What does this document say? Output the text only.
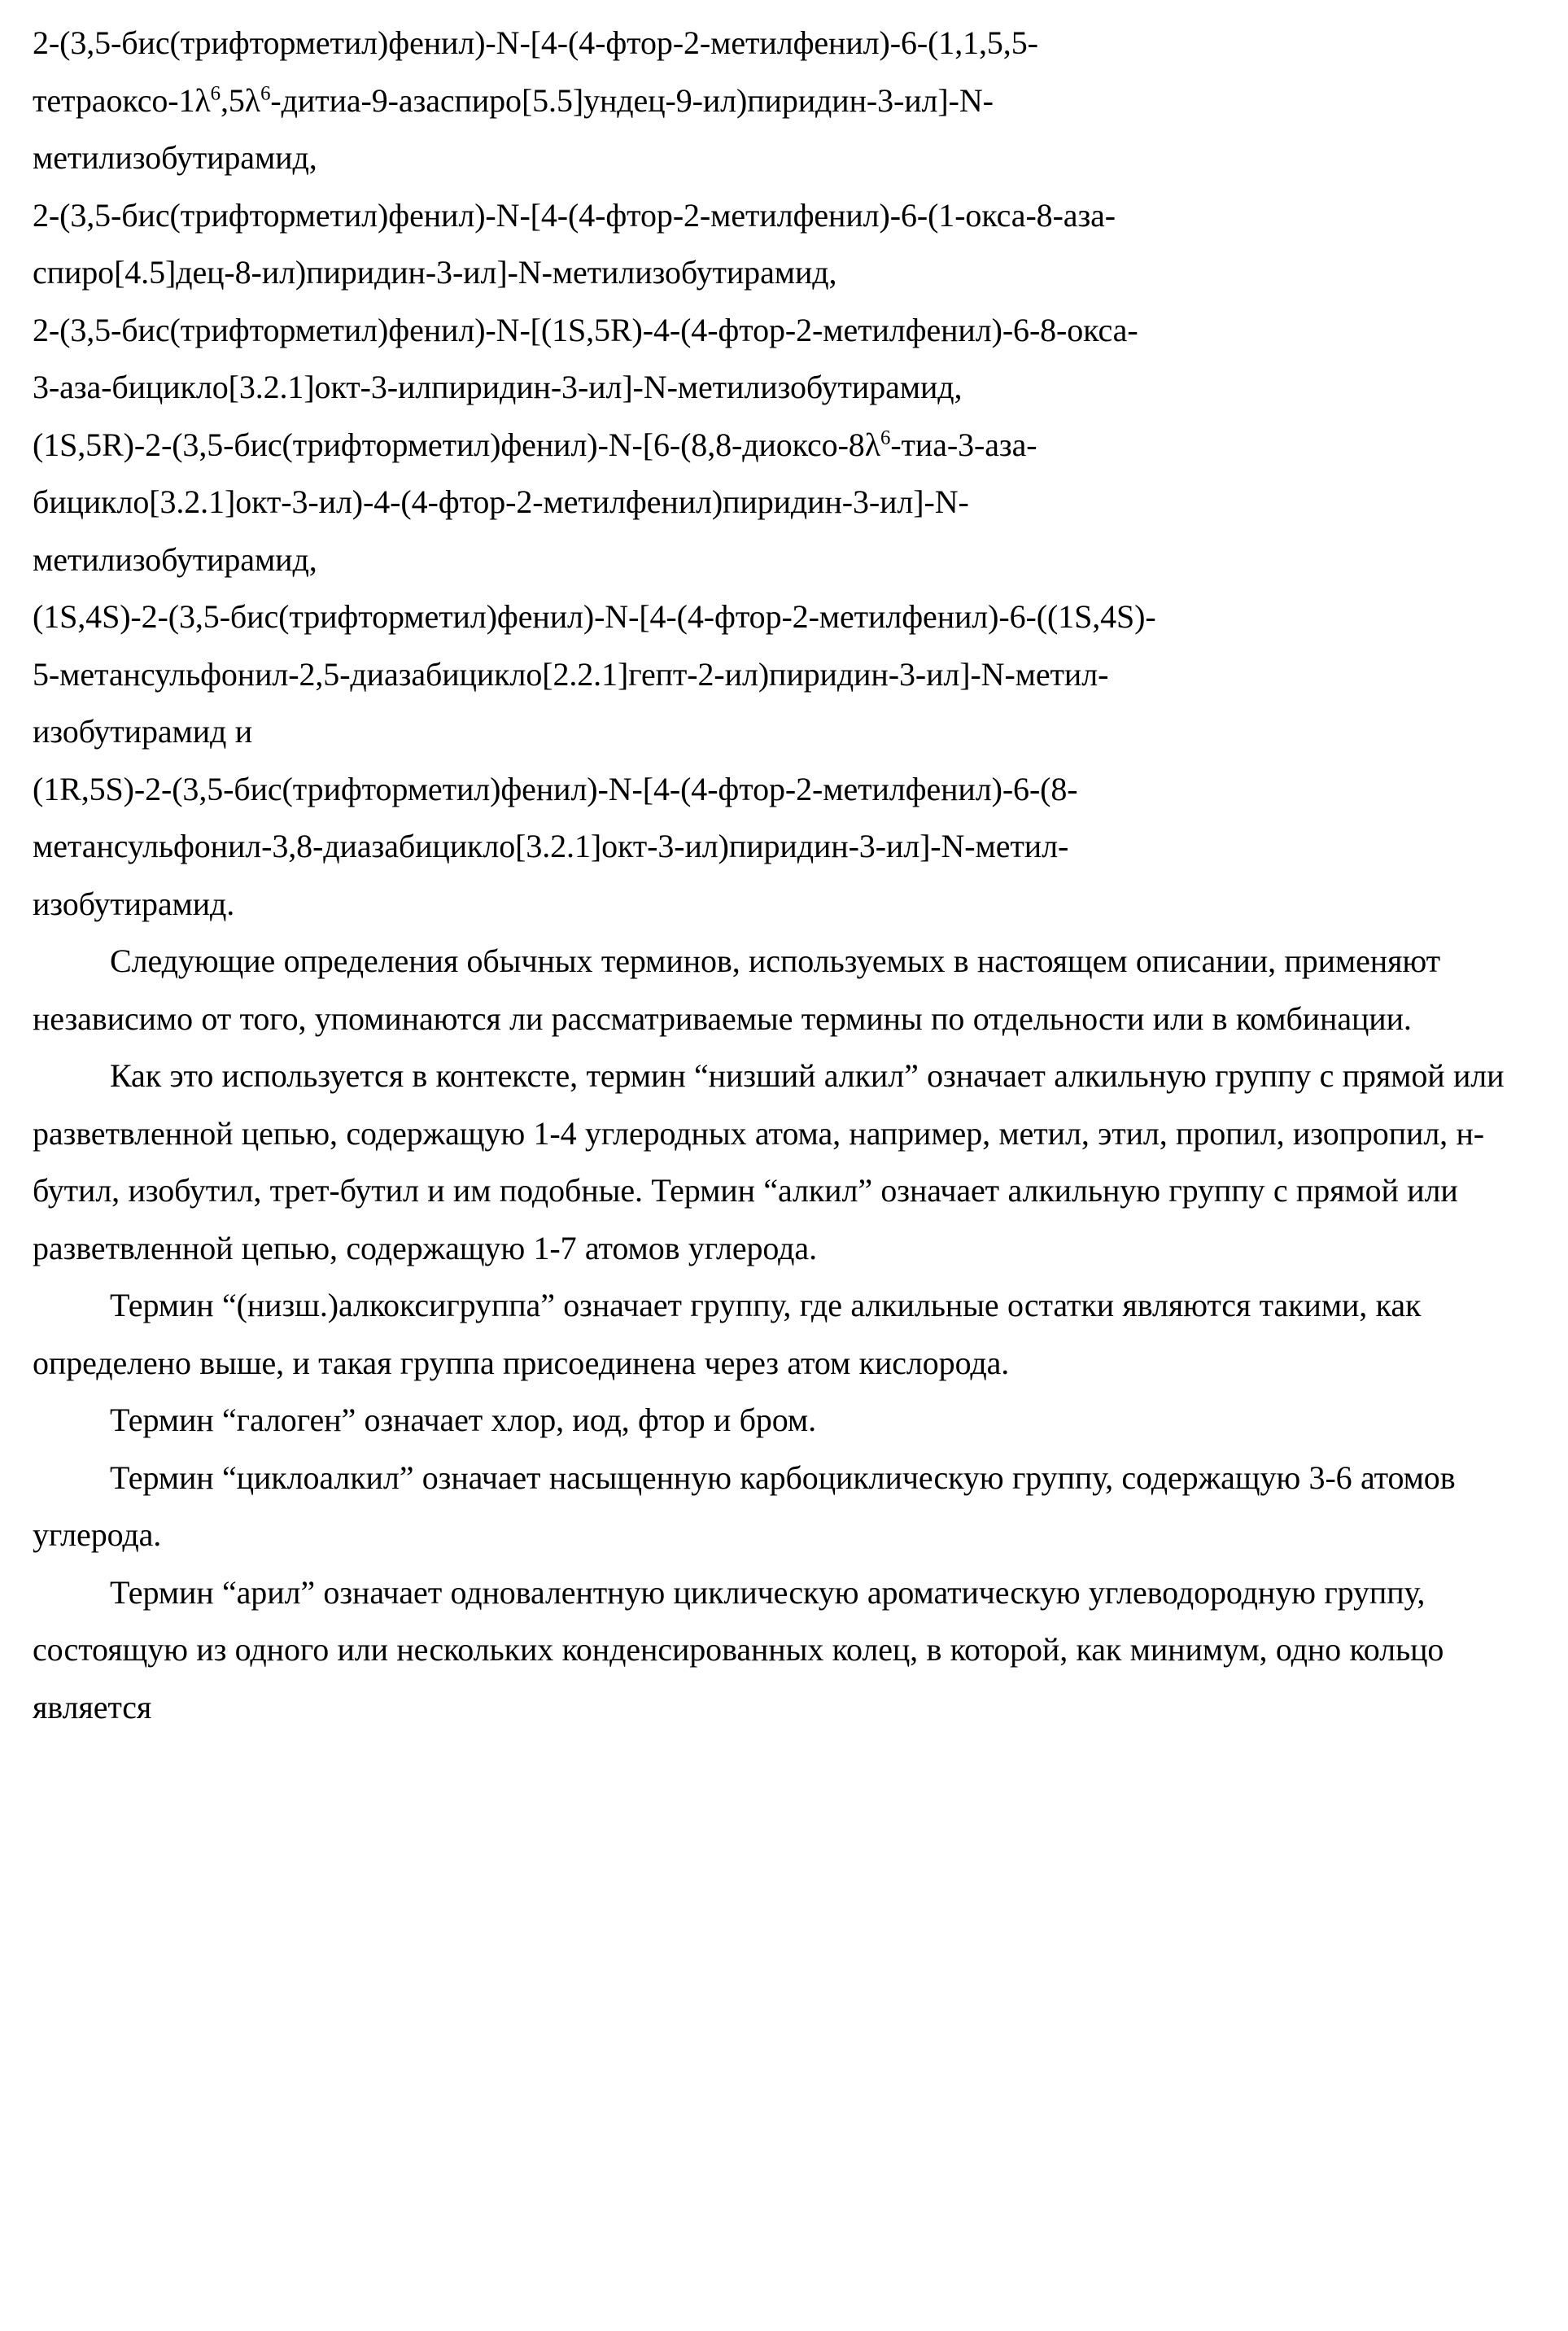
2-(3,5-бис(трифторметил)фенил)-N-[4-(4-фтор-2-метилфенил)-6-(1,1,5,5-
тетраоксо-$1\lambda^6,5\lambda^6-дитиа-9-азаспиро[5.5]ундец-9-ил)пиридин-3-ил]-N-$
метилизобутирамид,
2-(3,5-бис(трифторметил)фенил)-N-[4-(4-фтор-2-метилфенил)-6-(1-окса-8-аза-
спиро[4.5]дец-8-ил)пиридин-3-ил]-N-метилизобутирамид,
2-(3,5-бис(трифторметил)фенил)-N-[(1S,5R)-4-(4-фтор-2-метилфенил)-6-8-окса-
3-аза-бицикло[3.2.1]окт-3-илпиридин-3-ил]-N-метилизобутирамид,
$(1S,5R)-2-(3,5-бис(трифторметил)фенил)-N-[6-(8,8-диоксо-8\lambda^6-тиа-3-аза-$
бицикло[3.2.1]окт-3-ил)-4-(4-фтор-2-метилфенил)пиридин-3-ил]-N-
метилизобутирамид,
(1S,4S)-2-(3,5-бис(трифторметил)фенил)-N-[4-(4-фтор-2-метилфенил)-6-((1S,4S)-
5-метансульфонил-2,5-диазабицикло[2.2.1]гепт-2-ил)пиридин-3-ил]-N-метил-
изобутирамид и
(1R,5S)-2-(3,5-бис(трифторметил)фенил)-N-[4-(4-фтор-2-метилфенил)-6-(8-
метансульфонил-3,8-диазабицикло[3.2.1]окт-3-ил)пиридин-3-ил]-N-метил-
изобутирамид.

Следующие определения обычных терминов, используемых в настоящем описании, применяют независимо от того, упоминаются ли рассматриваемые термины по отдельности или в комбинации.

Как это используется в контексте, термин “низший алкил” означает алкильную группу с прямой или разветвленной цепью, содержащую 1-4 углеродных атома, например, метил, этил, пропил, изопропил, н-бутил, изобутил, трет-бутил и им подобные. Термин “алкил” означает алкильную группу с прямой или разветвленной цепью, содержащую 1-7 атомов углерода.

Термин “(низш.)алкоксигруппа” означает группу, где алкильные остатки являются такими, как определено выше, и такая группа присоединена через атом кислорода.

Термин “галоген” означает хлор, иод, фтор и бром.

Термин “циклоалкил” означает насыщенную карбоциклическую группу, содержащую 3-6 атомов углерода.

Термин “арил” означает одновалентную циклическую ароматическую углеводородную группу, состоящую из одного или нескольких конденсированных колец, в которой, как минимум, одно кольцо является
